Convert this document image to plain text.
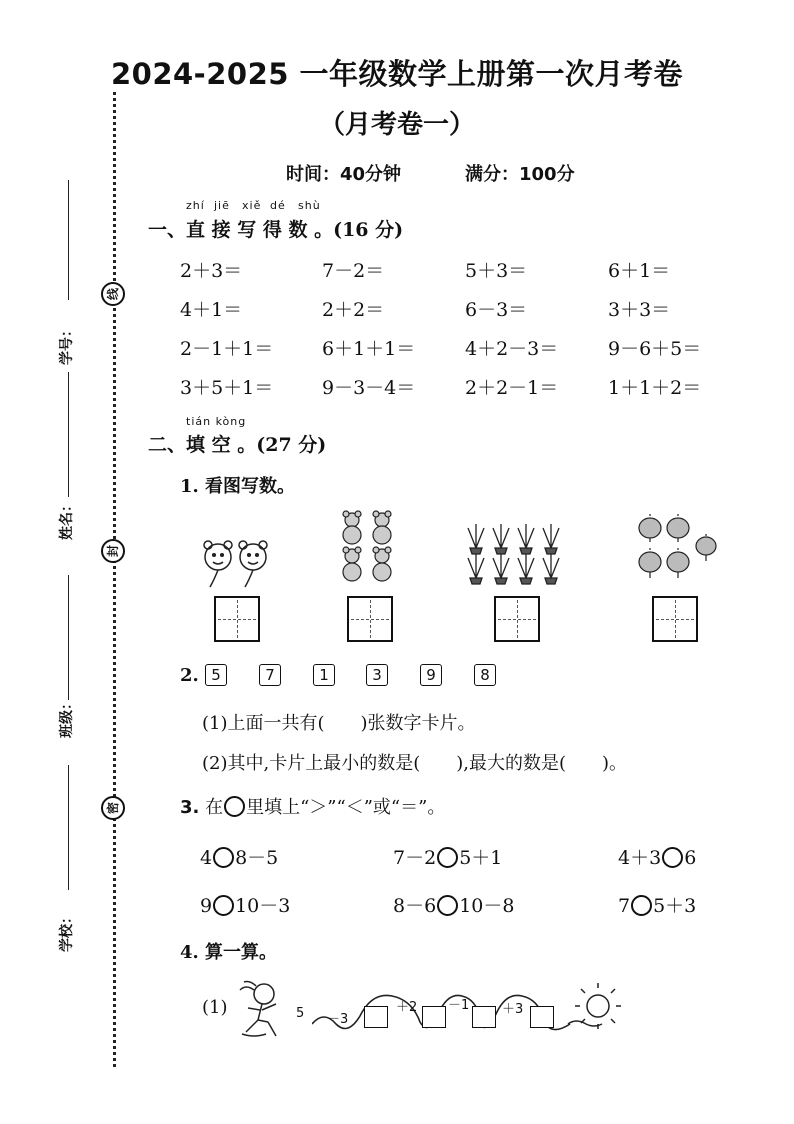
线
封
密
学号：
姓名：
班级：
学校：
2024-2025 一年级数学上册第一次月考卷
（月考卷一）
时间：40分钟	满分：100分
zhí jiē xiě dé shù
一、直 接 写 得 数 。(16 分)
2＋3＝	7－2＝	5＋3＝	6＋1＝
4＋1＝	2＋2＝	6－3＝	3＋3＝
2－1＋1＝	6＋1＋1＝	4＋2－3＝	9－6＋5＝
3＋5＋1＝	9－3－4＝	2＋2－1＝	1＋1＋2＝
tián kòng
二、填 空 。(27 分)
1. 看图写数。
2. 5	7	1	3	9	8
(1)上面一共有(　　)张数字卡片。
(2)其中,卡片上最小的数是(　　),最大的数是(　　)。
3. 在 里填上“＞”“＜”或“＝”。
4 8－5	7－2 5＋1	4＋3 6
9 10－3	8－6 10－8	7 5＋3
4. 算一算。
(1)	5 －3
＋2 －1	＋3
